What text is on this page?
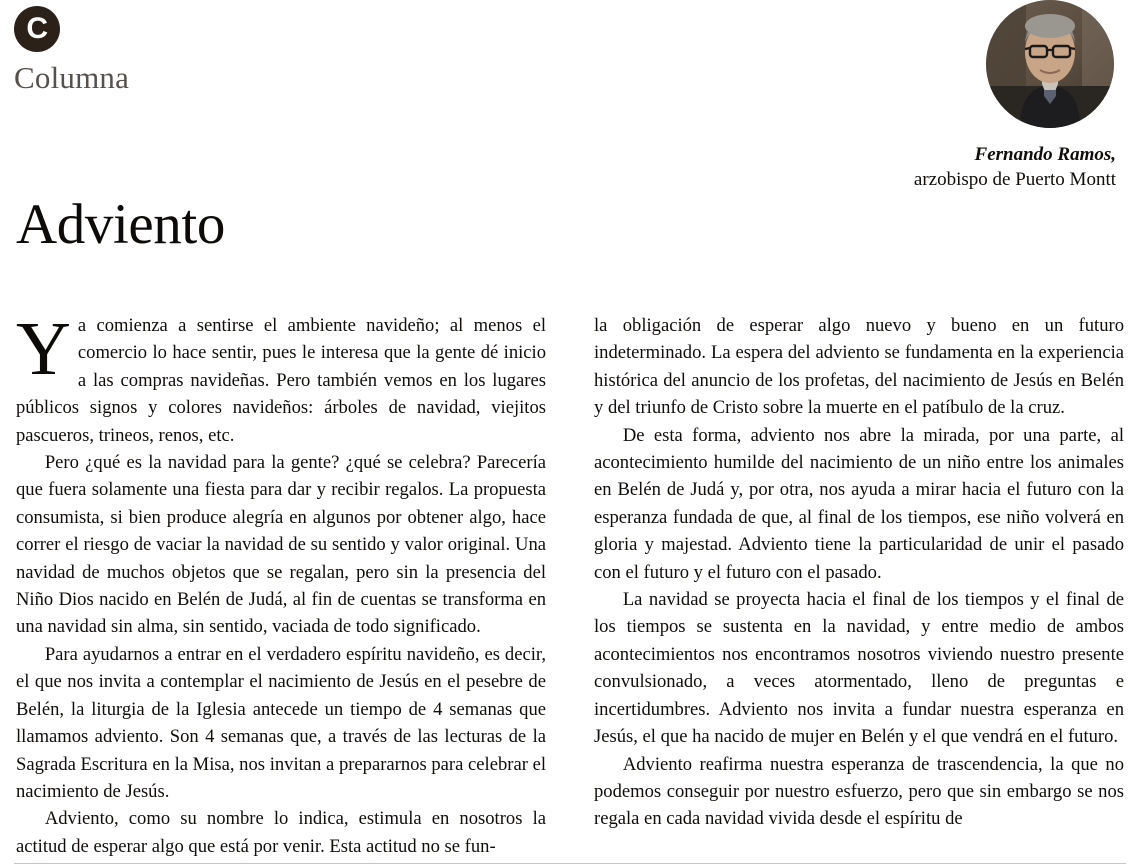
C
Columna
Fernando Ramos,
arzobispo de Puerto Montt
Adviento

Ya comienza a sentirse el ambiente navideño; al menos el comercio lo hace sentir, pues le interesa que la gente dé inicio a las compras navideñas. Pero también vemos en los lugares públicos signos y colores navideños: árboles de navidad, viejitos pascueros, trineos, renos, etc.

Pero ¿qué es la navidad para la gente? ¿qué se celebra? Parecería que fuera solamente una fiesta para dar y recibir regalos. La propuesta consumista, si bien produce alegría en algunos por obtener algo, hace correr el riesgo de vaciar la navidad de su sentido y valor original. Una navidad de muchos objetos que se regalan, pero sin la presencia del Niño Dios nacido en Belén de Judá, al fin de cuentas se transforma en una navidad sin alma, sin sentido, vaciada de todo significado.

Para ayudarnos a entrar en el verdadero espíritu navideño, es decir, el que nos invita a contemplar el nacimiento de Jesús en el pesebre de Belén, la liturgia de la Iglesia antecede un tiempo de 4 semanas que llamamos adviento. Son 4 semanas que, a través de las lecturas de la Sagrada Escritura en la Misa, nos invitan a prepararnos para celebrar el nacimiento de Jesús.

Adviento, como su nombre lo indica, estimula en nosotros la actitud de esperar algo que está por venir. Esta actitud no se fun-

la obligación de esperar algo nuevo y bueno en un futuro indeterminado. La espera del adviento se fundamenta en la experiencia histórica del anuncio de los profetas, del nacimiento de Jesús en Belén y del triunfo de Cristo sobre la muerte en el patíbulo de la cruz.

De esta forma, adviento nos abre la mirada, por una parte, al acontecimiento humilde del nacimiento de un niño entre los animales en Belén de Judá y, por otra, nos ayuda a mirar hacia el futuro con la esperanza fundada de que, al final de los tiempos, ese niño volverá en gloria y majestad. Adviento tiene la particularidad de unir el pasado con el futuro y el futuro con el pasado.

La navidad se proyecta hacia el final de los tiempos y el final de los tiempos se sustenta en la navidad, y entre medio de ambos acontecimientos nos encontramos nosotros viviendo nuestro presente convulsionado, a veces atormentado, lleno de preguntas e incertidumbres. Adviento nos invita a fundar nuestra esperanza en Jesús, el que ha nacido de mujer en Belén y el que vendrá en el futuro.

Adviento reafirma nuestra esperanza de trascendencia, la que no podemos conseguir por nuestro esfuerzo, pero que sin embargo se nos regala en cada navidad vivida desde el espíritu de
